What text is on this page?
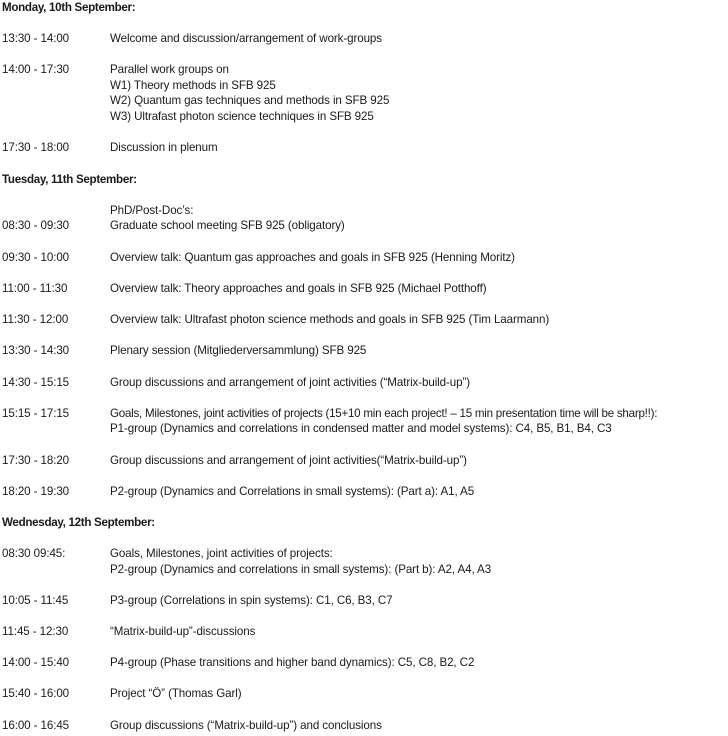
Monday, 10th September:

13:30 - 14:00	Welcome and discussion/arrangement of work-groups

14:00 - 17:30	Parallel work groups on

W1) Theory methods in SFB 925

W2) Quantum gas techniques and methods in SFB 925

W3) Ultrafast photon science techniques in SFB 925

17:30 - 18:00	Discussion in plenum

Tuesday, 11th September:

PhD/Post-Doc’s:

08:30 - 09:30	Graduate school meeting SFB 925 (obligatory)

09:30 - 10:00	Overview talk: Quantum gas approaches and goals in SFB 925 (Henning Moritz)

11:00 - 11:30	Overview talk: Theory approaches and goals in SFB 925 (Michael Potthoff)

11:30 - 12:00	Overview talk: Ultrafast photon science methods and goals in SFB 925 (Tim Laarmann)

13:30 - 14:30	Plenary session (Mitgliederversammlung) SFB 925

14:30 - 15:15	Group discussions and arrangement of joint activities (“Matrix-build-up”)

15:15 - 17:15	Goals, Milestones, joint activities of projects (15+10 min each project! – 15 min presentation time will be sharp!!):

P1-group (Dynamics and correlations in condensed matter and model systems): C4, B5, B1, B4, C3

17:30 - 18:20	Group discussions and arrangement of joint activities(“Matrix-build-up”)

18:20 - 19:30	P2-group (Dynamics and Correlations in small systems): (Part a): A1, A5

Wednesday, 12th September:

08:30 09:45:	Goals, Milestones, joint activities of projects:

P2-group (Dynamics and correlations in small systems): (Part b): A2, A4, A3

10:05 - 11:45	P3-group (Correlations in spin systems): C1, C6, B3, C7

11:45 - 12:30	“Matrix-build-up”-discussions

14:00 - 15:40	P4-group (Phase transitions and higher band dynamics): C5, C8, B2, C2

15:40 - 16:00	Project “Ö” (Thomas Garl)

16:00 - 16:45	Group discussions (“Matrix-build-up”) and conclusions
